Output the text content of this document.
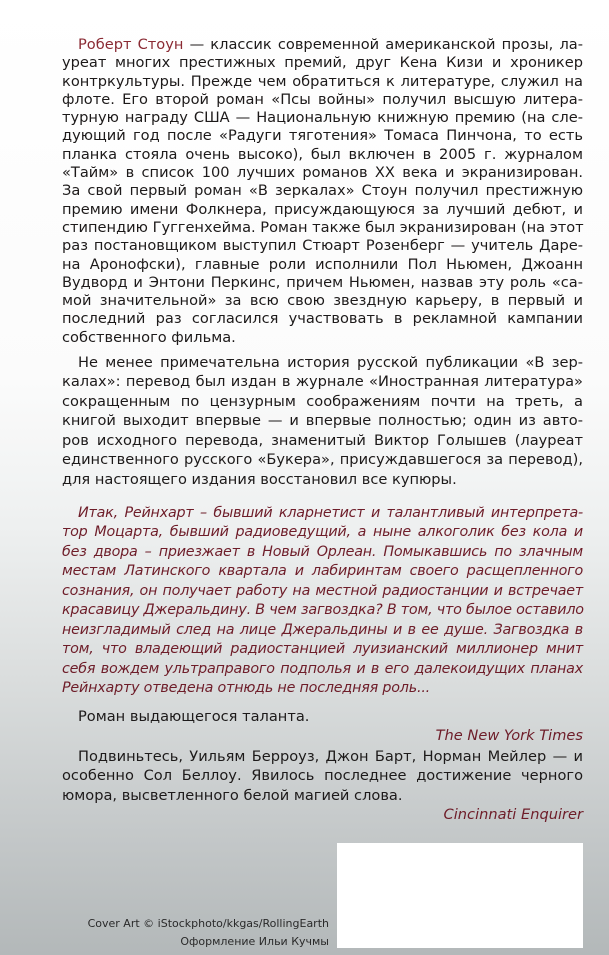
Роберт Стоун — классик современной американской прозы, ла-
уреат многих престижных премий, друг Кена Кизи и хроникер
контркультуры. Прежде чем обратиться к литературе, служил на
флоте. Его второй роман «Псы войны» получил высшую литера-
турную награду США — Национальную книжную премию (на сле-
дующий год после «Радуги тяготения» Томаса Пинчона, то есть
планка стояла очень высоко), был включен в 2005 г. журналом
«Тайм» в список 100 лучших романов XX века и экранизирован.
За свой первый роман «В зеркалах» Стоун получил престижную
премию имени Фолкнера, присуждающуюся за лучший дебют, и
стипендию Гуггенхейма. Роман также был экранизирован (на этот
раз постановщиком выступил Стюарт Розенберг — учитель Даре-
на Аронофски), главные роли исполнили Пол Ньюмен, Джоанн
Вудворд и Энтони Перкинс, причем Ньюмен, назвав эту роль «са-
мой значительной» за всю свою звездную карьеру, в первый и
последний раз согласился участвовать в рекламной кампании
собственного фильма.
Не менее примечательна история русской публикации «В зер-
калах»: перевод был издан в журнале «Иностранная литература»
сокращенным по цензурным соображениям почти на треть, а
книгой выходит впервые — и впервые полностью; один из авто-
ров исходного перевода, знаменитый Виктор Голышев (лауреат
единственного русского «Букера», присуждавшегося за перевод),
для настоящего издания восстановил все купюры.
Итак, Рейнхарт – бывший кларнетист и талантливый интерпрета-
тор Моцарта, бывший радиоведущий, а ныне алкоголик без кола и
без двора – приезжает в Новый Орлеан. Помыкавшись по злачным
местам Латинского квартала и лабиринтам своего расщепленного
сознания, он получает работу на местной радиостанции и встречает
красавицу Джеральдину. В чем загвоздка? В том, что былое оставило
неизгладимый след на лице Джеральдины и в ее душе. Загвоздка в
том, что владеющий радиостанцией луизианский миллионер мнит
себя вождем ультраправого подполья и в его далекоидущих планах
Рейнхарту отведена отнюдь не последняя роль...
Роман выдающегося таланта.
The New York Times
Подвиньтесь, Уильям Берроуз, Джон Барт, Норман Мейлер — и
особенно Сол Беллоу. Явилось последнее достижение черного
юмора, высветленного белой магией слова.
Cincinnati Enquirer
Cover Art © iStockphoto/kkgas/RollingEarth
Оформление Ильи Кучмы
